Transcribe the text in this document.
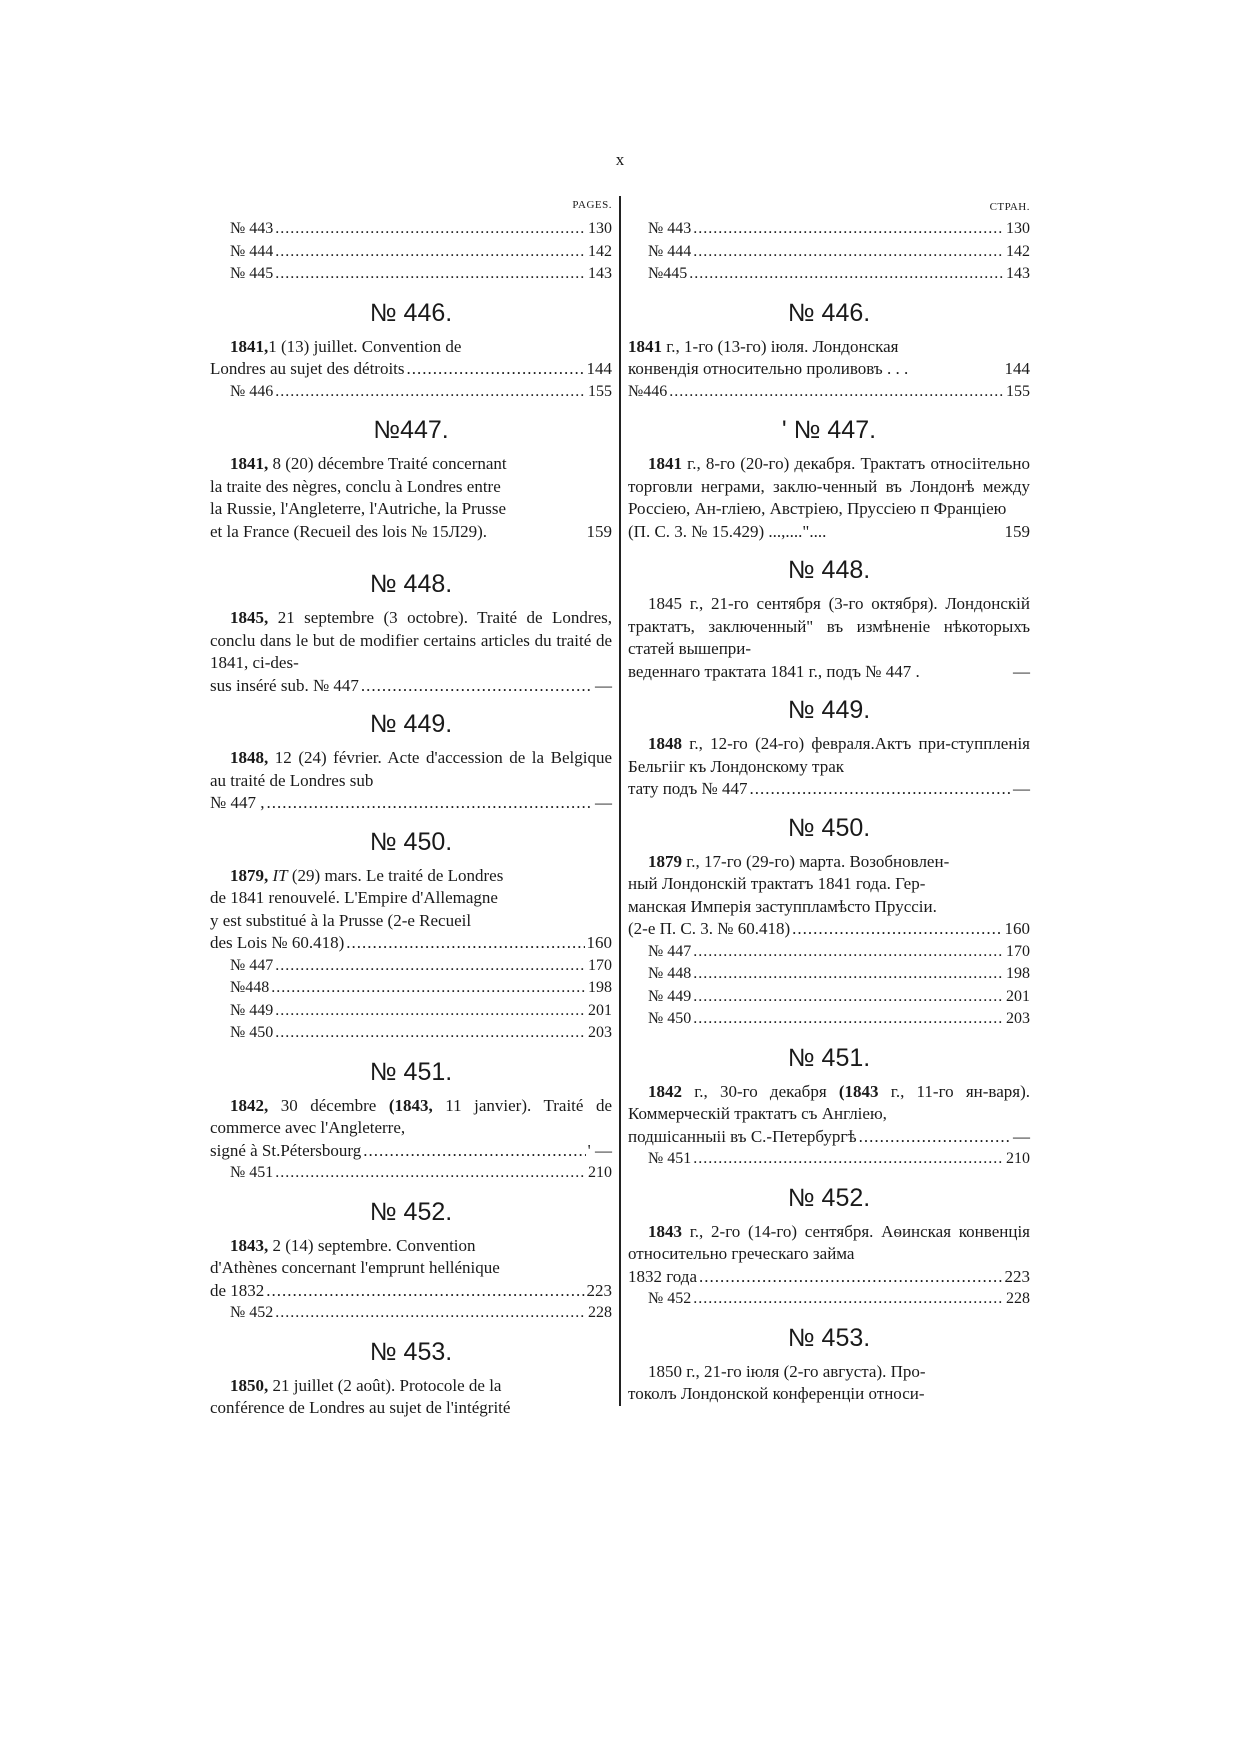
x
PAGES.
№ 443 .....	130
№ 444 .....	142
№ 445 .....	143
№ 446.

1841,1 (13) juillet. Convention de

Londres au sujet des détroits .....	144
№ 446 .....	155
№447.

1841, 8 (20) décembre Traité concernant

la traite des nègres, conclu à Londres entre

la Russie, l'Angleterre, l'Autriche, la Prusse

et la France (Recueil des lois № 15Л29).	159
№ 448.

1845, 21 septembre (3 octobre). Traité de Londres, conclu dans le but de modifier certains articles du traité de 1841, ci-des-

sus inséré sub. № 447 .....	—
№ 449.

1848, 12 (24) février. Acte d'accession de la Belgique au traité de Londres sub

№ 447 , .....	—
№ 450.

1879, IT (29) mars. Le traité de Londres

de 1841 renouvelé. L'Empire d'Allemagne

y est substitué à la Prusse (2-e Recueil

des Lois № 60.418) .....	160
№ 447 .....	170
№448 .....	198
№ 449 .....	201
№ 450 .....	203
№ 451.

1842, 30 décembre (1843, 11 janvier). Traité de commerce avec l'Angleterre,

signé à St.Pétersbourg .....	' —
№ 451 .....	210
№ 452.

1843, 2 (14) septembre. Convention

d'Athènes concernant l'emprunt hellénique

de 1832 .....	223
№ 452 .....	228
№ 453.

1850, 21 juillet (2 août). Protocole de la

conférence de Londres au sujet de l'intégrité

СТРАН.
№ 443 .....	130
№ 444 .....	142
№445 .....	143
№ 446.

1841 г., 1-го (13-го) іюля. Лондонская

конвендія относительно проливовъ . . .	144
№446 .....	155
' № 447.

1841 г., 8-го (20-го) декабря. Трактатъ относіітельно торговли неграми, заклю-ченный въ Лондонѣ между Россіею, Ан-гліею, Австріею, Пруссіею п Франціею

(П. С. 3. № 15.429) ...,...."....	159
№ 448.

1845 г., 21-го сентября (3-го октября). Лондонскій трактатъ, заключенный" въ измѣненіе нѣкоторыхъ статей вышепри-

веденнаго трактата 1841 г., подъ № 447 .	—
№ 449.

1848 г., 12-го (24-го) февраля.Актъ при-ступпленія Бельгіiг къ Лондонскому трак

тату подъ № 447 .....	—
№ 450.

1879 г., 17-го (29-го) марта. Возобновлен-

ный Лондонскій трактатъ 1841 года. Гер-

манская Имперія заступпламѣсто Пруссіи.

(2-е П. С. 3. № 60.418) .....	160
№ 447 .....	170
№ 448 .....	198
№ 449 .....	201
№ 450 .....	203
№ 451.

1842 г., 30-го декабря (1843 г., 11-го ян-варя). Коммерческій трактатъ съ Англіею,

подшісанныіі въ С.-Петербургѣ .....	—
№ 451 .....	210
№ 452.

1843 г., 2-го (14-го) сентября. Аѳинская конвенція относительно греческаго займа

1832 года .....	223
№ 452 .....	228
№ 453.

1850 г., 21-го іюля (2-го августа). Про-

токолъ Лондонской конференціи относи-
